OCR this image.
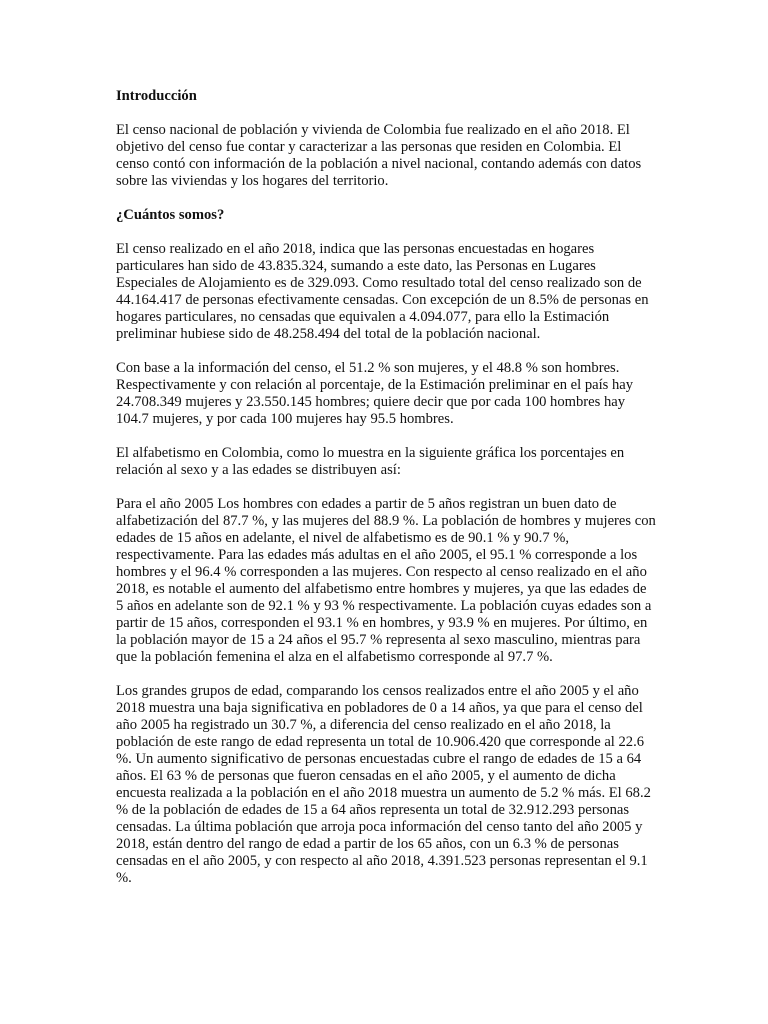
Introducción

El censo nacional de población y vivienda de Colombia fue realizado en el año 2018. El objetivo del censo fue contar y caracterizar a las personas que residen en Colombia. El censo contó con información de la población a nivel nacional, contando además con datos sobre las viviendas y los hogares del territorio.

¿Cuántos somos?

El censo realizado en el año 2018, indica que las personas encuestadas en hogares particulares han sido de 43.835.324, sumando a este dato, las Personas en Lugares Especiales de Alojamiento es de 329.093. Como resultado total del censo realizado son de 44.164.417 de personas efectivamente censadas. Con excepción de un 8.5% de personas en hogares particulares, no censadas que equivalen a 4.094.077, para ello la Estimación preliminar hubiese sido de 48.258.494 del total de la población nacional.

Con base a la información del censo, el 51.2 % son mujeres, y el 48.8 % son hombres. Respectivamente y con relación al porcentaje, de la Estimación preliminar en el país hay 24.708.349 mujeres y 23.550.145 hombres; quiere decir que por cada 100 hombres hay 104.7 mujeres, y por cada 100 mujeres hay 95.5 hombres.

El alfabetismo en Colombia, como lo muestra en la siguiente gráfica los porcentajes en relación al sexo y a las edades se distribuyen así:

Para el año 2005 Los hombres con edades a partir de 5 años registran un buen dato de alfabetización del 87.7 %, y las mujeres del 88.9 %. La población de hombres y mujeres con edades de 15 años en adelante, el nivel de alfabetismo es de 90.1 % y 90.7 %, respectivamente. Para las edades más adultas en el año 2005, el 95.1 % corresponde a los hombres y el 96.4 % corresponden a las mujeres. Con respecto al censo realizado en el año 2018, es notable el aumento del alfabetismo entre hombres y mujeres, ya que las edades de 5 años en adelante son de 92.1 % y 93 % respectivamente. La población cuyas edades son a partir de 15 años, corresponden el 93.1 % en hombres, y 93.9 % en mujeres. Por último, en la población mayor de 15 a 24 años el 95.7 % representa al sexo masculino, mientras para que la población femenina el alza en el alfabetismo corresponde al 97.7 %.

Los grandes grupos de edad, comparando los censos realizados entre el año 2005 y el año 2018 muestra una baja significativa en pobladores de 0 a 14 años, ya que para el censo del año 2005 ha registrado un 30.7 %, a diferencia del censo realizado en el año 2018, la población de este rango de edad representa un total de 10.906.420 que corresponde al 22.6 %. Un aumento significativo de personas encuestadas cubre el rango de edades de 15 a 64 años. El 63 % de personas que fueron censadas en el año 2005, y el aumento de dicha encuesta realizada a la población en el año 2018 muestra un aumento de 5.2 % más. El 68.2 % de la población de edades de 15 a 64 años representa un total de 32.912.293 personas censadas. La última población que arroja poca información del censo tanto del año 2005 y 2018, están dentro del rango de edad a partir de los 65 años, con un 6.3 % de personas censadas en el año 2005, y con respecto al año 2018, 4.391.523 personas representan el 9.1 %.
